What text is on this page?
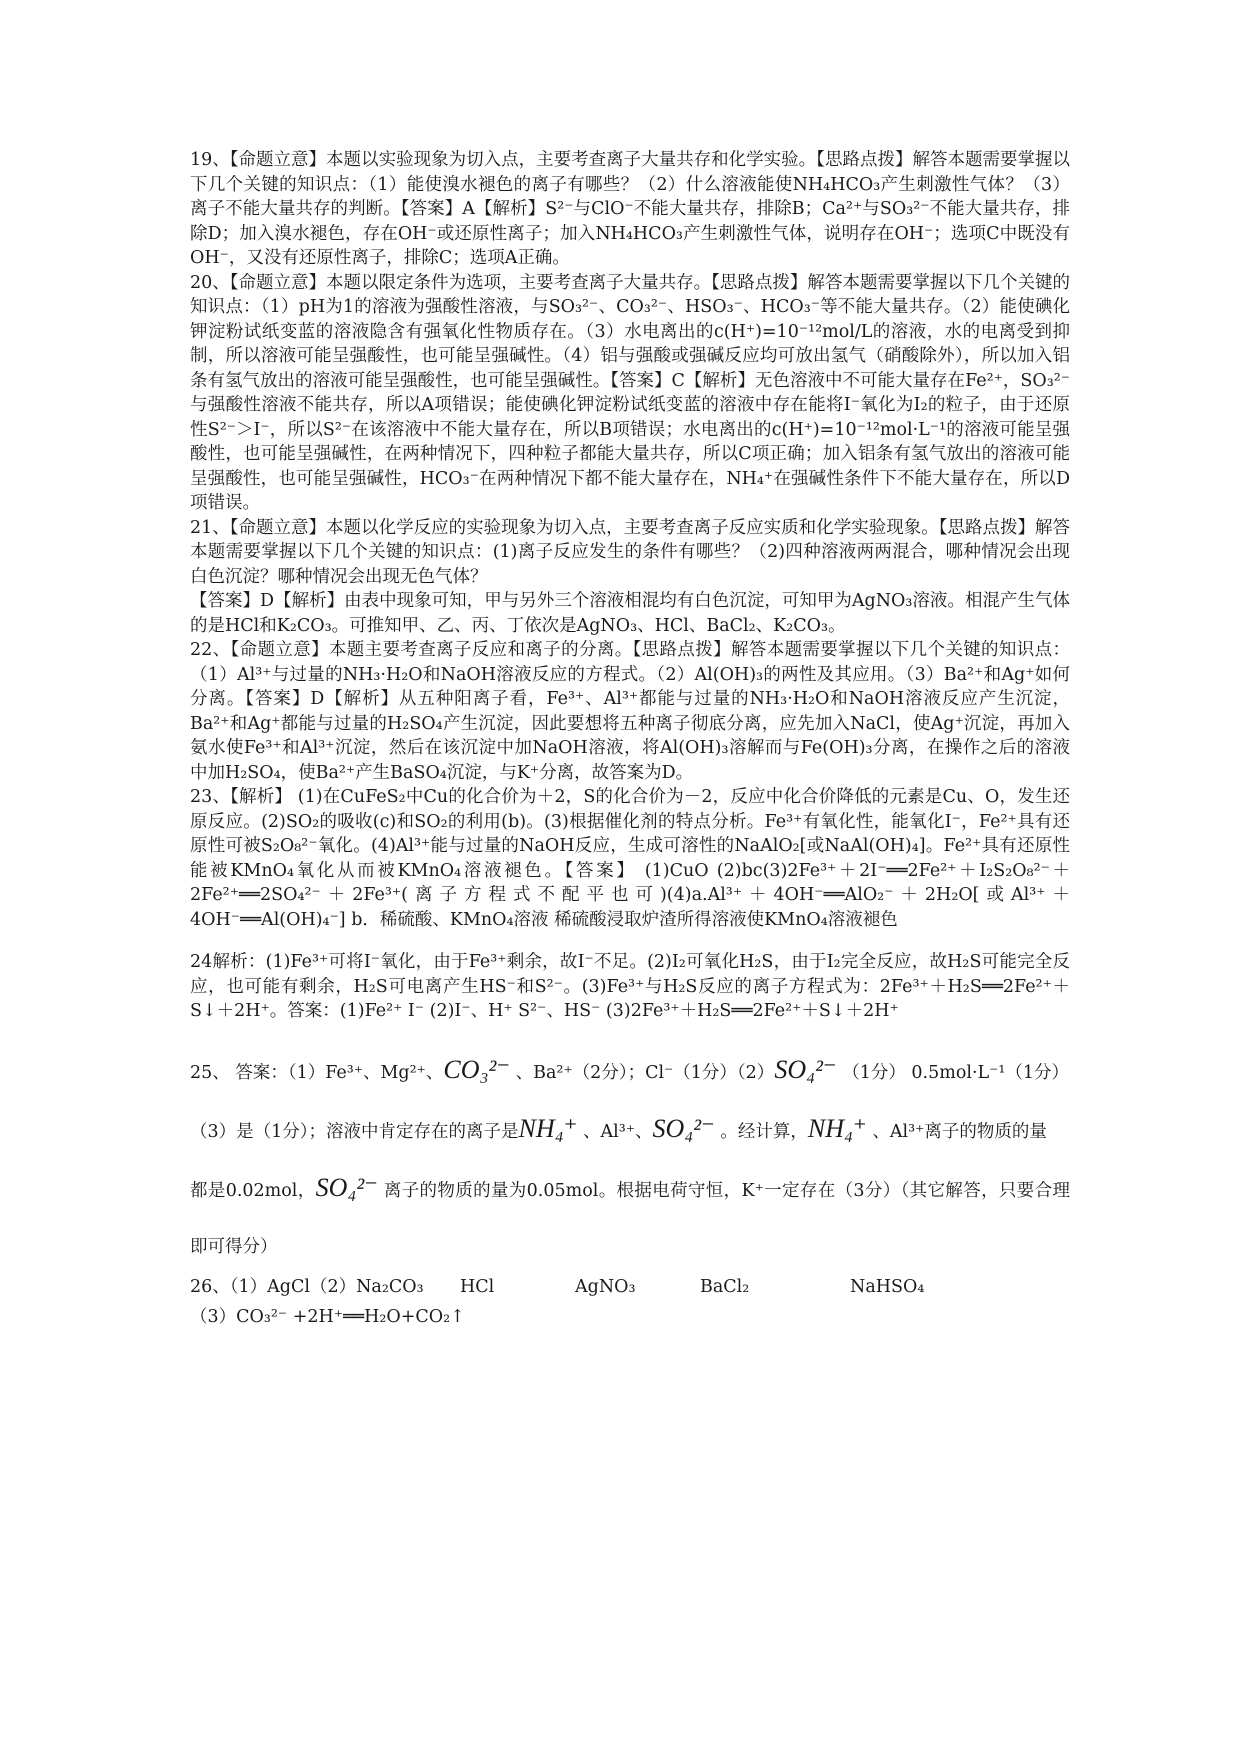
19、【命题立意】本题以实验现象为切入点，主要考查离子大量共存和化学实验。【思路点拨】解答本题需要掌握以下几个关键的知识点：（1）能使溴水褪色的离子有哪些？（2）什么溶液能使NH₄HCO₃产生刺激性气体？（3）离子不能大量共存的判断。【答案】A【解析】S²⁻与ClO⁻不能大量共存，排除B；Ca²⁺与SO₃²⁻不能大量共存，排除D；加入溴水褪色，存在OH⁻或还原性离子；加入NH₄HCO₃产生刺激性气体，说明存在OH⁻；选项C中既没有OH⁻，又没有还原性离子，排除C；选项A正确。

20、【命题立意】本题以限定条件为选项，主要考查离子大量共存。【思路点拨】解答本题需要掌握以下几个关键的知识点：（1）pH为1的溶液为强酸性溶液，与SO₃²⁻、CO₃²⁻、HSO₃⁻、HCO₃⁻等不能大量共存。（2）能使碘化钾淀粉试纸变蓝的溶液隐含有强氧化性物质存在。（3）水电离出的c(H⁺)=10⁻¹²mol/L的溶液，水的电离受到抑制，所以溶液可能呈强酸性，也可能呈强碱性。（4）铝与强酸或强碱反应均可放出氢气（硝酸除外），所以加入铝条有氢气放出的溶液可能呈强酸性，也可能呈强碱性。【答案】C【解析】无色溶液中不可能大量存在Fe²⁺，SO₃²⁻与强酸性溶液不能共存，所以A项错误；能使碘化钾淀粉试纸变蓝的溶液中存在能将I⁻氧化为I₂的粒子，由于还原性S²⁻＞I⁻，所以S²⁻在该溶液中不能大量存在，所以B项错误；水电离出的c(H⁺)=10⁻¹²mol·L⁻¹的溶液可能呈强酸性，也可能呈强碱性，在两种情况下，四种粒子都能大量共存，所以C项正确；加入铝条有氢气放出的溶液可能呈强酸性，也可能呈强碱性，HCO₃⁻在两种情况下都不能大量存在，NH₄⁺在强碱性条件下不能大量存在，所以D项错误。

21、【命题立意】本题以化学反应的实验现象为切入点，主要考查离子反应实质和化学实验现象。【思路点拨】解答本题需要掌握以下几个关键的知识点：(1)离子反应发生的条件有哪些？（2)四种溶液两两混合，哪种情况会出现白色沉淀？哪种情况会出现无色气体？

【答案】D【解析】由表中现象可知，甲与另外三个溶液相混均有白色沉淀，可知甲为AgNO₃溶液。相混产生气体的是HCl和K₂CO₃。可推知甲、乙、丙、丁依次是AgNO₃、HCl、BaCl₂、K₂CO₃。

22、【命题立意】本题主要考查离子反应和离子的分离。【思路点拨】解答本题需要掌握以下几个关键的知识点：（1）Al³⁺与过量的NH₃·H₂O和NaOH溶液反应的方程式。（2）Al(OH)₃的两性及其应用。（3）Ba²⁺和Ag⁺如何分离。【答案】D【解析】从五种阳离子看，Fe³⁺、Al³⁺都能与过量的NH₃·H₂O和NaOH溶液反应产生沉淀，Ba²⁺和Ag⁺都能与过量的H₂SO₄产生沉淀，因此要想将五种离子彻底分离，应先加入NaCl，使Ag⁺沉淀，再加入氨水使Fe³⁺和Al³⁺沉淀，然后在该沉淀中加NaOH溶液，将Al(OH)₃溶解而与Fe(OH)₃分离，在操作之后的溶液中加H₂SO₄，使Ba²⁺产生BaSO₄沉淀，与K⁺分离，故答案为D。

23、【解析】 (1)在CuFeS₂中Cu的化合价为＋2，S的化合价为－2，反应中化合价降低的元素是Cu、O，发生还原反应。(2)SO₂的吸收(c)和SO₂的利用(b)。(3)根据催化剂的特点分析。Fe³⁺有氧化性，能氧化I⁻，Fe²⁺具有还原性可被S₂O₈²⁻氧化。(4)Al³⁺能与过量的NaOH反应，生成可溶性的NaAlO₂[或NaAl(OH)₄]。Fe²⁺具有还原性能被KMnO₄氧化从而被KMnO₄溶液褪色。【答案】 (1)CuO (2)bc(3)2Fe³⁺＋2I⁻══2Fe²⁺＋I₂S₂O₈²⁻＋2Fe²⁺══2SO₄²⁻＋2Fe³⁺(离子方程式不配平也可)(4)a.Al³⁺＋4OH⁻══AlO₂⁻＋2H₂O[或Al³⁺＋4OH⁻══Al(OH)₄⁻] b．稀硫酸、KMnO₄溶液 稀硫酸浸取炉渣所得溶液使KMnO₄溶液褪色

24解析：(1)Fe³⁺可将I⁻氧化，由于Fe³⁺剩余，故I⁻不足。(2)I₂可氧化H₂S，由于I₂完全反应，故H₂S可能完全反应，也可能有剩余，H₂S可电离产生HS⁻和S²⁻。(3)Fe³⁺与H₂S反应的离子方程式为：2Fe³⁺＋H₂S══2Fe²⁺＋S↓＋2H⁺。答案：(1)Fe²⁺ I⁻ (2)I⁻、H⁺ S²⁻、HS⁻ (3)2Fe³⁺＋H₂S══2Fe²⁺＋S↓＋2H⁺

25、 答案：（1）Fe³⁺、Mg²⁺、CO₃²⁻ 、Ba²⁺（2分）；Cl⁻（1分）（2）SO₄²⁻ （1分） 0.5mol·L⁻¹（1分）

（3）是（1分）；溶液中肯定存在的离子是NH₄⁺ 、Al³⁺、SO₄²⁻ 。经计算，NH₄⁺ 、Al³⁺离子的物质的量

都是0.02mol，SO₄²⁻ 离子的物质的量为0.05mol。根据电荷守恒，K⁺一定存在（3分）（其它解答，只要合理即可得分）

26、（1）AgCl（2）Na₂CO₃ HCl	AgNO₃	BaCl₂	NaHSO₄

（3）CO₃²⁻ +2H⁺══H₂O+CO₂↑
